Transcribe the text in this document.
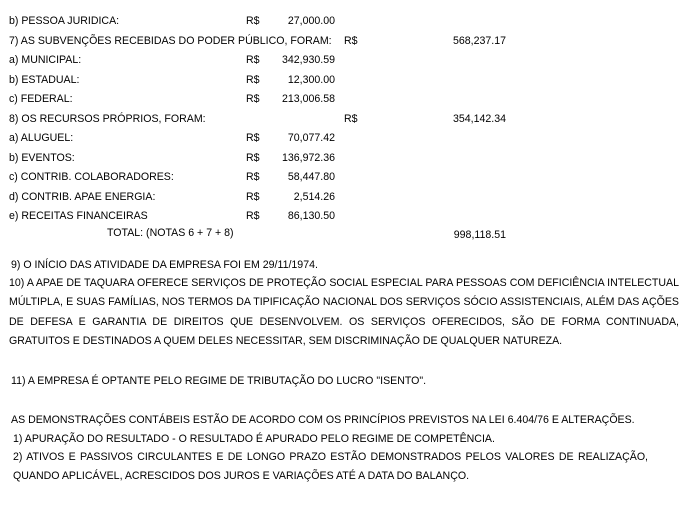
b) PESSOA JURIDICA:	R$	27,000.00
7) AS SUBVENÇÕES RECEBIDAS DO PODER PÚBLICO, FORAM: R$	568,237.17
a) MUNICIPAL:	R$	342,930.59
b) ESTADUAL:	R$	12,300.00
c) FEDERAL:	R$	213,006.58
8) OS RECURSOS PRÓPRIOS, FORAM:	R$	354,142.34
a) ALUGUEL:	R$	70,077.42
b) EVENTOS:	R$	136,972.36
c) CONTRIB. COLABORADORES:	R$	58,447.80
d) CONTRIB. APAE ENERGIA:	R$	2,514.26
e) RECEITAS FINANCEIRAS	R$	86,130.50
TOTAL: (NOTAS 6 + 7 + 8)	998,118.51
9) O INÍCIO DAS ATIVIDADE DA EMPRESA FOI EM 29/11/1974.
10) A APAE DE TAQUARA OFERECE SERVIÇOS DE PROTEÇÃO SOCIAL ESPECIAL PARA PESSOAS COM DEFICIÊNCIA INTELECTUAL MÚLTIPLA, E SUAS FAMÍLIAS, NOS TERMOS DA TIPIFICAÇÃO NACIONAL DOS SERVIÇOS SÓCIO ASSISTENCIAIS, ALÉM DAS AÇÕES DE DEFESA E GARANTIA DE DIREITOS QUE DESENVOLVEM. OS SERVIÇOS OFERECIDOS, SÃO DE FORMA CONTINUADA, GRATUITOS E DESTINADOS A QUEM DELES NECESSITAR, SEM DISCRIMINAÇÃO DE QUALQUER NATUREZA.
11) A EMPRESA É OPTANTE PELO REGIME DE TRIBUTAÇÃO DO LUCRO "ISENTO".
AS DEMONSTRAÇÕES CONTÁBEIS ESTÃO DE ACORDO COM OS PRINCÍPIOS PREVISTOS NA LEI 6.404/76 E ALTERAÇÕES.
1) APURAÇÃO DO RESULTADO - O RESULTADO É APURADO PELO REGIME DE COMPETÊNCIA.
2) ATIVOS E PASSIVOS CIRCULANTES E DE LONGO PRAZO ESTÃO DEMONSTRADOS PELOS VALORES DE REALIZAÇÃO, QUANDO APLICÁVEL, ACRESCIDOS DOS JUROS E VARIAÇÕES ATÉ A DATA DO BALANÇO.
